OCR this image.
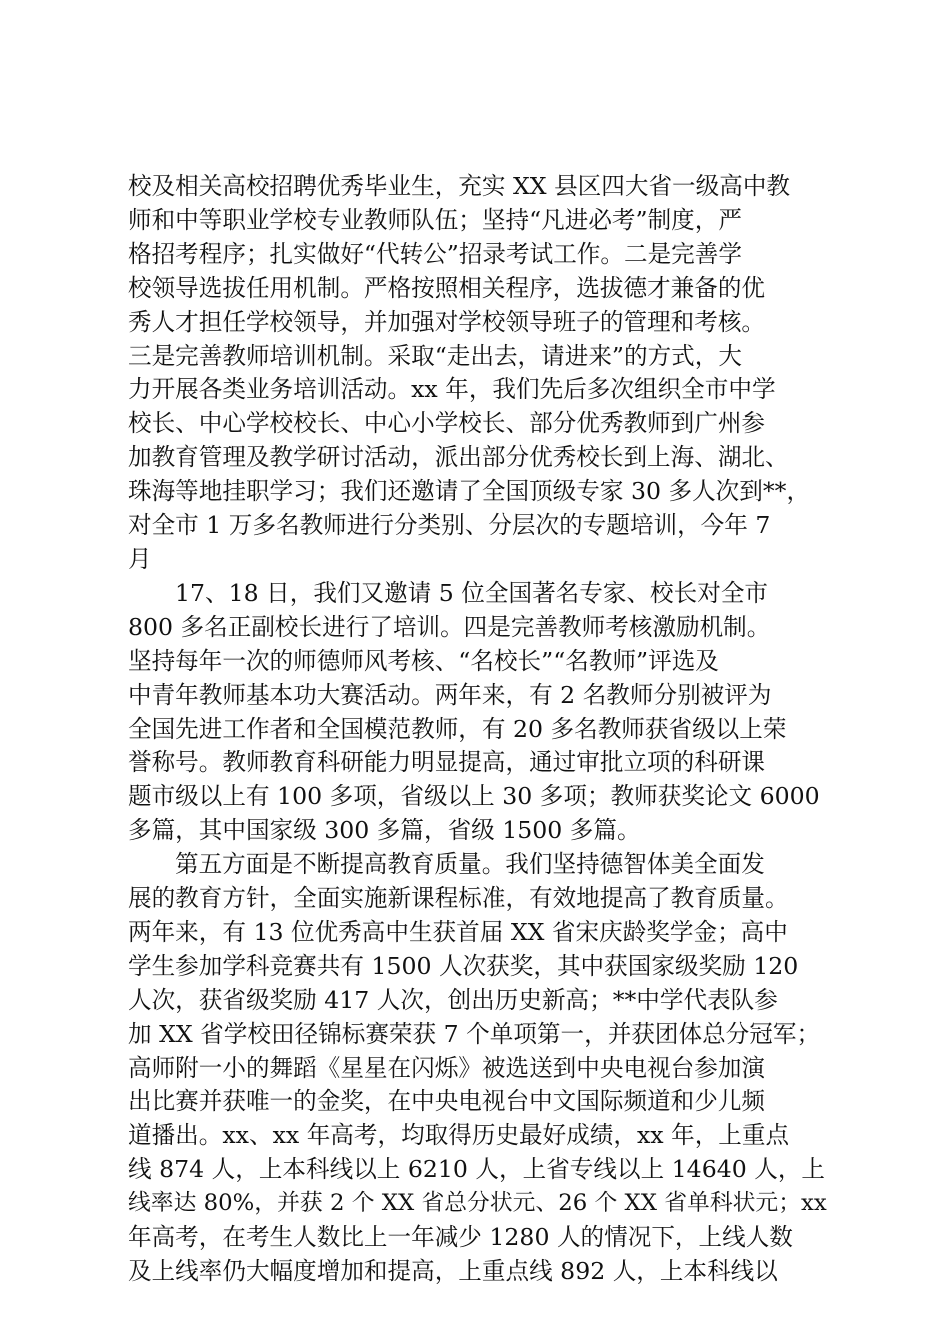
校及相关高校招聘优秀毕业生，充实 XX 县区四大省一级高中教
师和中等职业学校专业教师队伍；坚持“凡进必考”制度，严
格招考程序；扎实做好“代转公”招录考试工作。二是完善学
校领导选拔任用机制。严格按照相关程序，选拔德才兼备的优
秀人才担任学校领导，并加强对学校领导班子的管理和考核。
三是完善教师培训机制。采取“走出去，请进来”的方式，大
力开展各类业务培训活动。xx 年，我们先后多次组织全市中学
校长、中心学校校长、中心小学校长、部分优秀教师到广州参
加教育管理及教学研讨活动，派出部分优秀校长到上海、湖北、
珠海等地挂职学习；我们还邀请了全国顶级专家 30 多人次到**，
对全市 1 万多名教师进行分类别、分层次的专题培训，今年 7
月
17、18 日，我们又邀请 5 位全国著名专家、校长对全市
800 多名正副校长进行了培训。四是完善教师考核激励机制。
坚持每年一次的师德师风考核、“名校长”“名教师”评选及
中青年教师基本功大赛活动。两年来，有 2 名教师分别被评为
全国先进工作者和全国模范教师，有 20 多名教师获省级以上荣
誉称号。教师教育科研能力明显提高，通过审批立项的科研课
题市级以上有 100 多项，省级以上 30 多项；教师获奖论文 6000
多篇，其中国家级 300 多篇，省级 1500 多篇。
第五方面是不断提高教育质量。我们坚持德智体美全面发
展的教育方针，全面实施新课程标准，有效地提高了教育质量。
两年来，有 13 位优秀高中生获首届 XX 省宋庆龄奖学金；高中
学生参加学科竞赛共有 1500 人次获奖，其中获国家级奖励 120
人次，获省级奖励 417 人次，创出历史新高；**中学代表队参
加 XX 省学校田径锦标赛荣获 7 个单项第一，并获团体总分冠军；
高师附一小的舞蹈《星星在闪烁》被选送到中央电视台参加演
出比赛并获唯一的金奖，在中央电视台中文国际频道和少儿频
道播出。xx、xx 年高考，均取得历史最好成绩，xx 年，上重点
线 874 人，上本科线以上 6210 人，上省专线以上 14640 人，上
线率达 80%，并获 2 个 XX 省总分状元、26 个 XX 省单科状元；xx
年高考，在考生人数比上一年减少 1280 人的情况下，上线人数
及上线率仍大幅度增加和提高，上重点线 892 人，上本科线以
